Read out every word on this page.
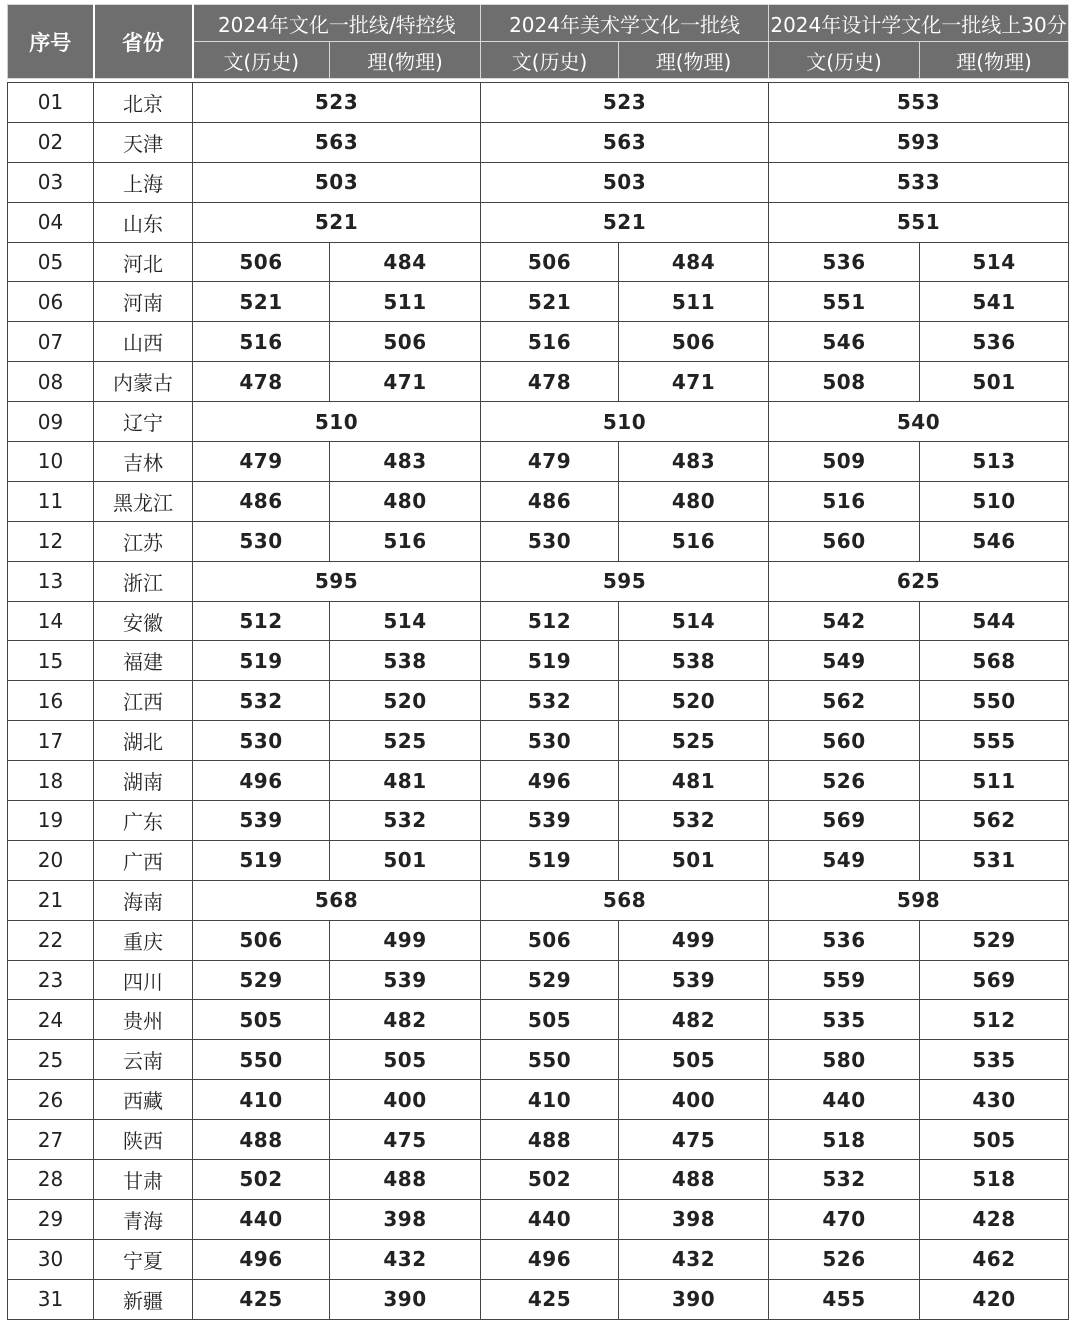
序号	省份	2024年文化一批线/特控线		2024年美术学文化一批线		2024年设计学文化一批线上30分	
		文(历史)	理(物理)	文(历史)	理(物理)	文(历史)	理(物理)

01	北京	523		523		553	
02	天津	563		563		593	
03	上海	503		503		533	
04	山东	521		521		551	
05	河北	506	484	506	484	536	514
06	河南	521	511	521	511	551	541
07	山西	516	506	516	506	546	536
08	内蒙古	478	471	478	471	508	501
09	辽宁	510		510		540	
10	吉林	479	483	479	483	509	513
11	黑龙江	486	480	486	480	516	510
12	江苏	530	516	530	516	560	546
13	浙江	595		595		625	
14	安徽	512	514	512	514	542	544
15	福建	519	538	519	538	549	568
16	江西	532	520	532	520	562	550
17	湖北	530	525	530	525	560	555
18	湖南	496	481	496	481	526	511
19	广东	539	532	539	532	569	562
20	广西	519	501	519	501	549	531
21	海南	568		568		598	
22	重庆	506	499	506	499	536	529
23	四川	529	539	529	539	559	569
24	贵州	505	482	505	482	535	512
25	云南	550	505	550	505	580	535
26	西藏	410	400	410	400	440	430
27	陕西	488	475	488	475	518	505
28	甘肃	502	488	502	488	532	518
29	青海	440	398	440	398	470	428
30	宁夏	496	432	496	432	526	462
31	新疆	425	390	425	390	455	420
